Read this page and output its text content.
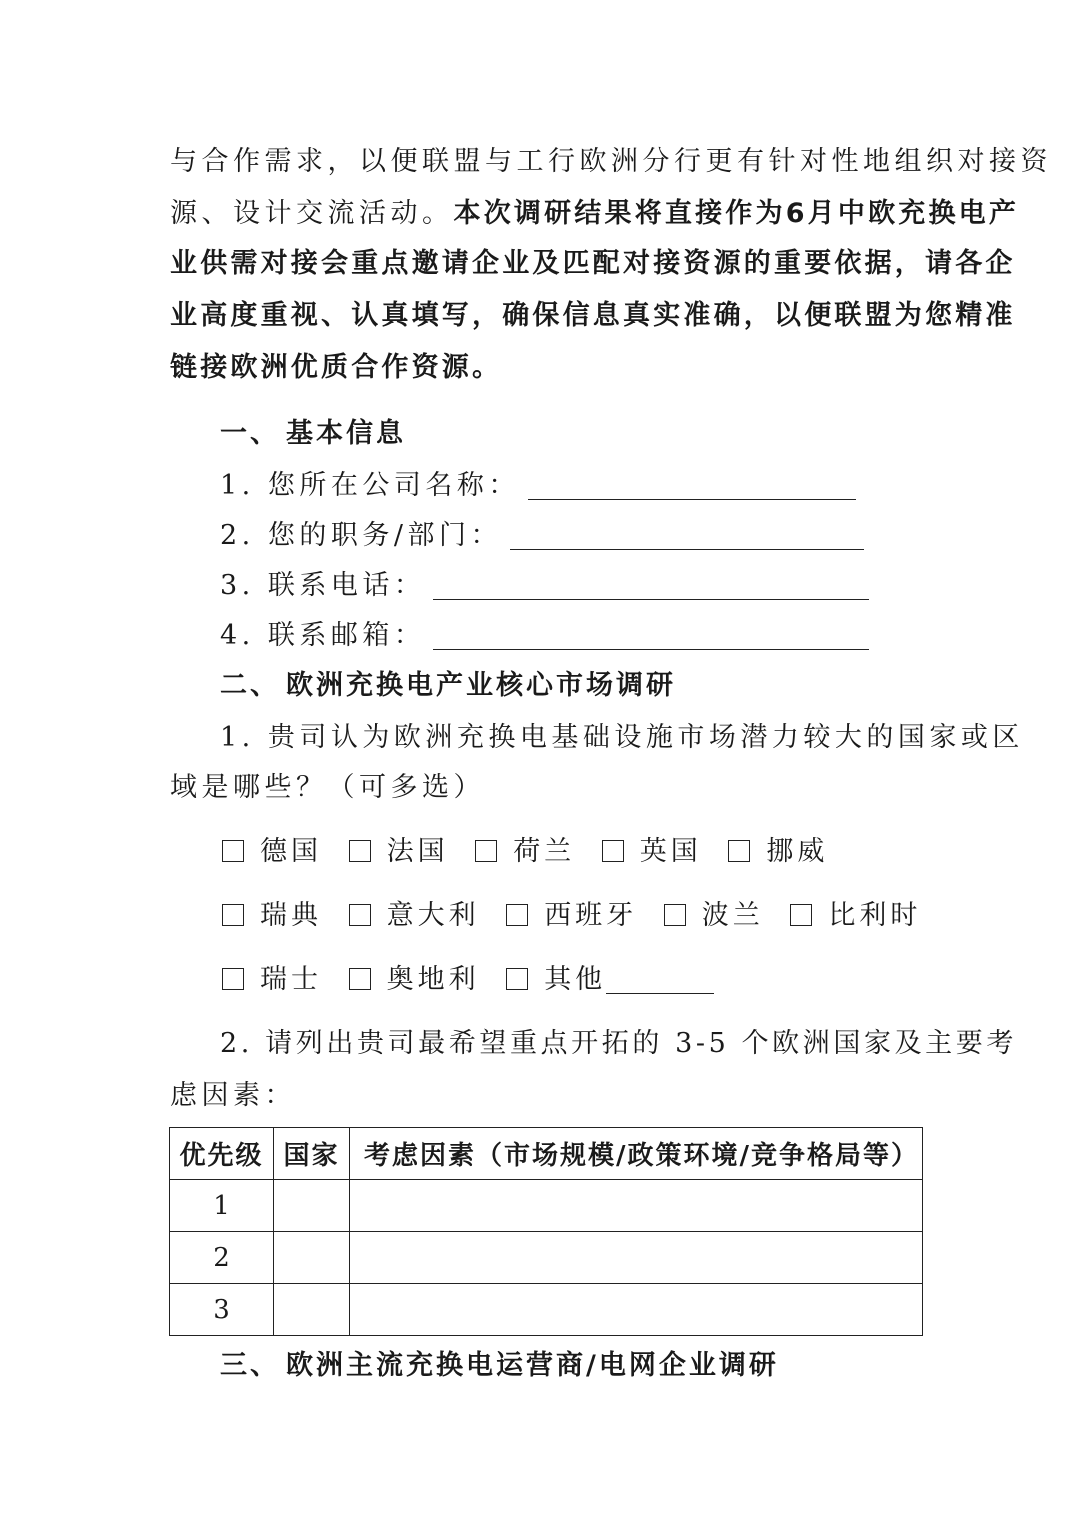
与合作需求，以便联盟与工行欧洲分行更有针对性地组织对接资
源、设计交流活动。本次调研结果将直接作为6月中欧充换电产
业供需对接会重点邀请企业及匹配对接资源的重要依据，请各企
业高度重视、认真填写，确保信息真实准确，以便联盟为您精准
链接欧洲优质合作资源。
一、 基本信息
1. 您所在公司名称：
2. 您的职务/部门：
3. 联系电话：
4. 联系邮箱：
二、 欧洲充换电产业核心市场调研
1. 贵司认为欧洲充换电基础设施市场潜力较大的国家或区
域是哪些？（可多选）
德国 法国 荷兰 英国 挪威
瑞典 意大利 西班牙 波兰 比利时
瑞士 奥地利 其他
2. 请列出贵司最希望重点开拓的 3-5 个欧洲国家及主要考
虑因素：
优先级	国家	考虑因素（市场规模/政策环境/竞争格局等）
1		
2		
3		
三、 欧洲主流充换电运营商/电网企业调研
